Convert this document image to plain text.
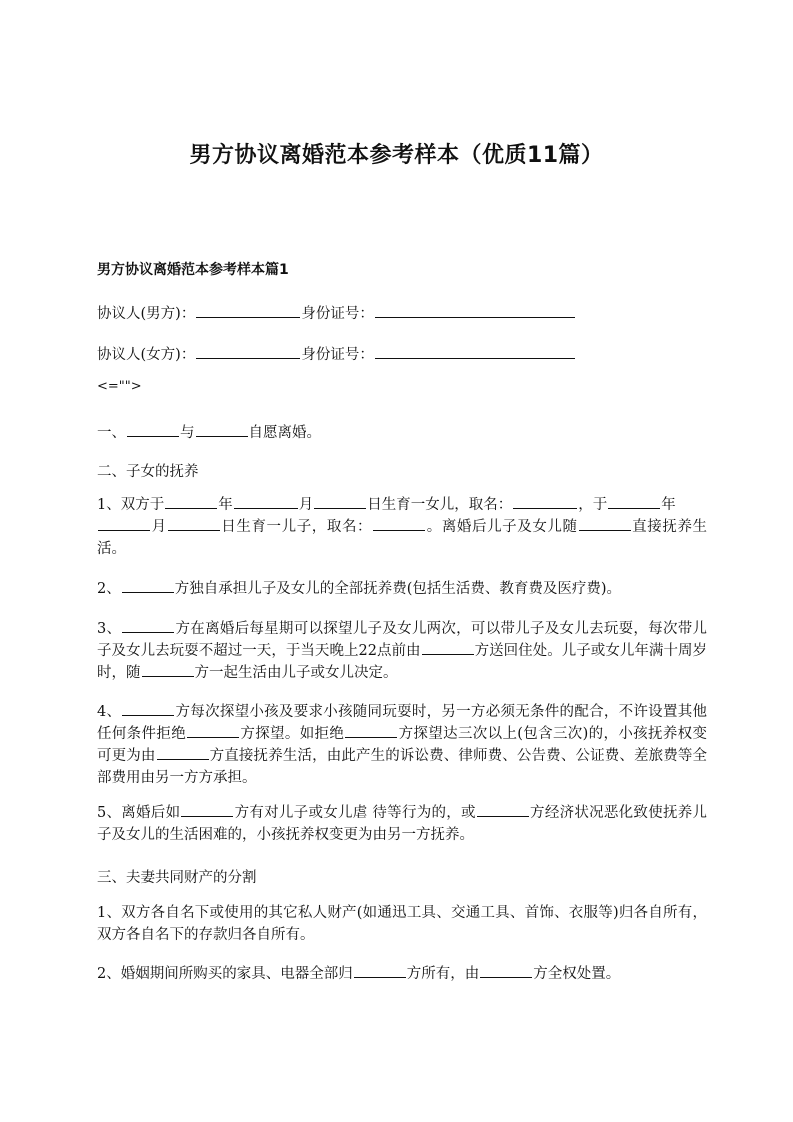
男方协议离婚范本参考样本（优质11篇）
男方协议离婚范本参考样本篇1
协议人(男方)：	身份证号：
协议人(女方)：	身份证号：
<="">
一、	与	自愿离婚。
二、子女的抚养
1、双方于	年	月	日生育一女儿，取名：	，于	年
月	日生育一儿子，取名：	。离婚后儿子及女儿随	直接抚养生活。
2、	方独自承担儿子及女儿的全部抚养费(包括生活费、教育费及医疗费)。
3、	方在离婚后每星期可以探望儿子及女儿两次，可以带儿子及女儿去玩耍，每次带儿子及女儿去玩耍不超过一天，于当天晚上22点前由	方送回住处。儿子或女儿年满十周岁时，随	方一起生活由儿子或女儿决定。
4、	方每次探望小孩及要求小孩随同玩耍时，另一方必须无条件的配合，不许设置其他任何条件拒绝	方探望。如拒绝	方探望达三次以上(包含三次)的，小孩抚养权变可更为由	方直接抚养生活，由此产生的诉讼费、律师费、公告费、公证费、差旅费等全部费用由另一方方承担。
5、离婚后如	方有对儿子或女儿虐 待等行为的，或	方经济状况恶化致使抚养儿子及女儿的生活困难的，小孩抚养权变更为由另一方抚养。
三、夫妻共同财产的分割
1、双方各自名下或使用的其它私人财产(如通迅工具、交通工具、首饰、衣服等)归各自所有，双方各自名下的存款归各自所有。
2、婚姻期间所购买的家具、电器全部归	方所有，由	方全权处置。
